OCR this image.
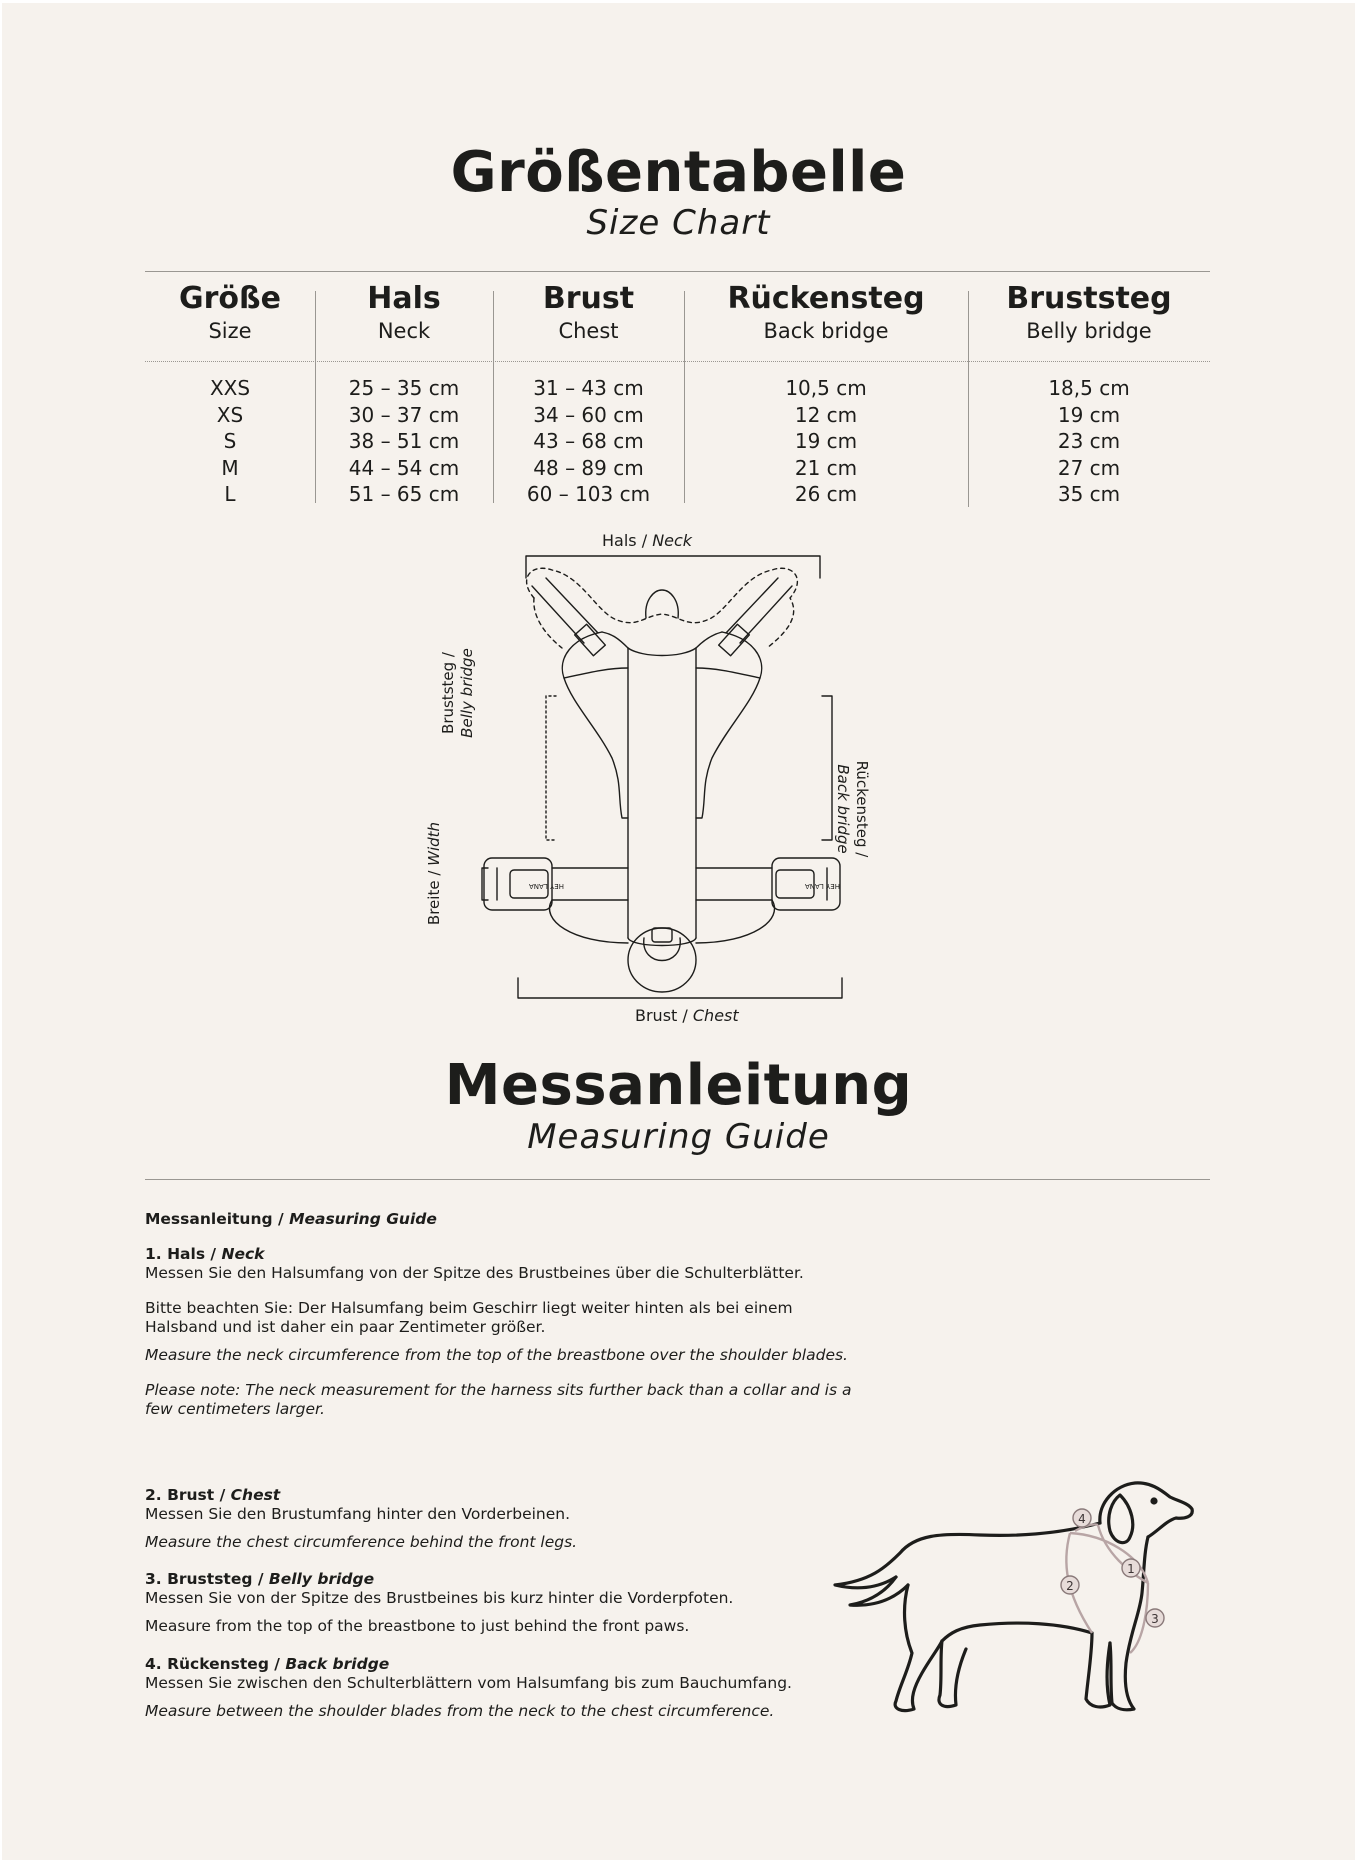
Größentabelle
Size Chart
Größe
Size
XXS
XS
S
M
L
Hals
Neck
25 – 35 cm
30 – 37 cm
38 – 51 cm
44 – 54 cm
51 – 65 cm
Brust
Chest
31 – 43 cm
34 – 60 cm
43 – 68 cm
48 – 89 cm
60 – 103 cm
Rückensteg
Back bridge
10,5 cm
12 cm
19 cm
21 cm
26 cm
Bruststeg
Belly bridge
18,5 cm
19 cm
23 cm
27 cm
35 cm
HEY LANA	HEY LANA
Hals / Neck
Brust / Chest
Bruststeg / Belly bridge
Rückensteg /
Back bridge
Breite / Width
Messanleitung
Measuring Guide

Messanleitung / Measuring Guide

1. Hals / Neck

Messen Sie den Halsumfang von der Spitze des Brustbeines über die Schulterblätter.

Bitte beachten Sie: Der Halsumfang beim Geschirr liegt weiter hinten als bei einem Halsband und ist daher ein paar Zentimeter größer.

Measure the neck circumference from the top of the breastbone over the shoulder blades.

Please note: The neck measurement for the harness sits further back than a collar and is a few centimeters larger.

2. Brust / Chest

Messen Sie den Brustumfang hinter den Vorderbeinen.

Measure the chest circumference behind the front legs.

3. Bruststeg / Belly bridge

Messen Sie von der Spitze des Brustbeines bis kurz hinter die Vorderpfoten.

Measure from the top of the breastbone to just behind the front paws.

4. Rückensteg / Back bridge

Messen Sie zwischen den Schulterblättern vom Halsumfang bis zum Bauchumfang.

Measure between the shoulder blades from the neck to the chest circumference.

1
2
3
4
